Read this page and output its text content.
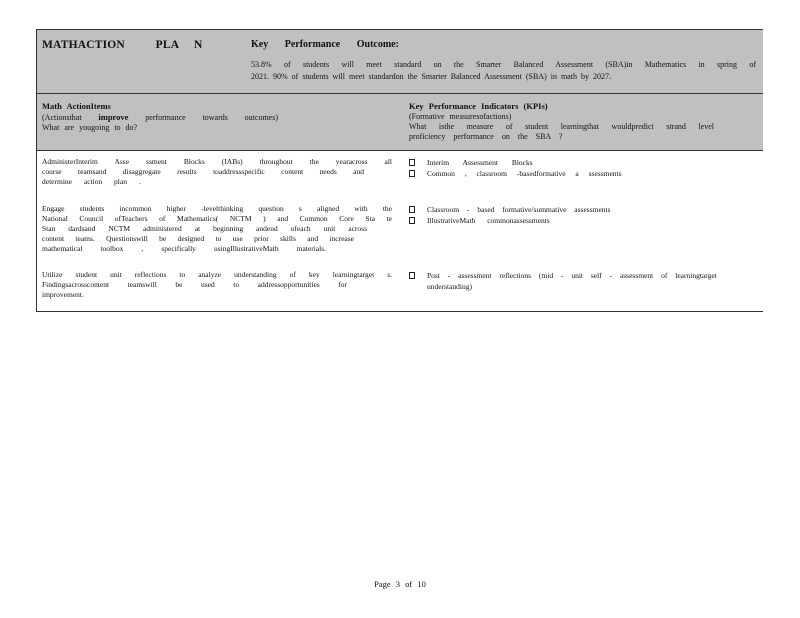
MATHACTION          PLA     N	Key Performance Outcome:
53.8% of students will meet standard on the Smarter Balanced Assessment (SBA)in Mathematics in spring of
2021. 90% of students will meet standardon the Smarter Balanced Assessment (SBA) in math by 2027.
Math ActionItems
(Actionsthat improve performance towards outcomes)
What are yougoing to do?
Key Performance Indicators (KPIs)
(Formative measuresofactions)
What isthe measure of student learningthat wouldpredict strand level
proficiency performance on the SBA ?
AdministerInterim Asse ssment Blocks (IABs) throughout the yearacross all
course teamsand disaggregate results toaddressspecific content needs and
determine action plan .
Interim Assessment Blocks
Common , classroom -basedformative a ssessments
Engage students incommon higher -levelthinking question s aligned with the
National Council ofTeachers of Mathematics( NCTM ) and Common Core Sta te
Stan dardsand NCTM administered at beginning andend ofeach unit across
content teams. Questionswill be designed to use prior skills and increase
mathematical toolbox , specifically usingIllustrativeMath materials.
Classroom - based formative/summative assessments
IllustrativeMath commonassessments
Utilize student unit reflections to analyze understanding of key learningtarget s.
Findingsacrosscontent teamswill be used to addressopportunities for
improvement.
Post - assessment reflections (mid - unit self - assessment of learningtarget understanding)
Page 3 of 10
